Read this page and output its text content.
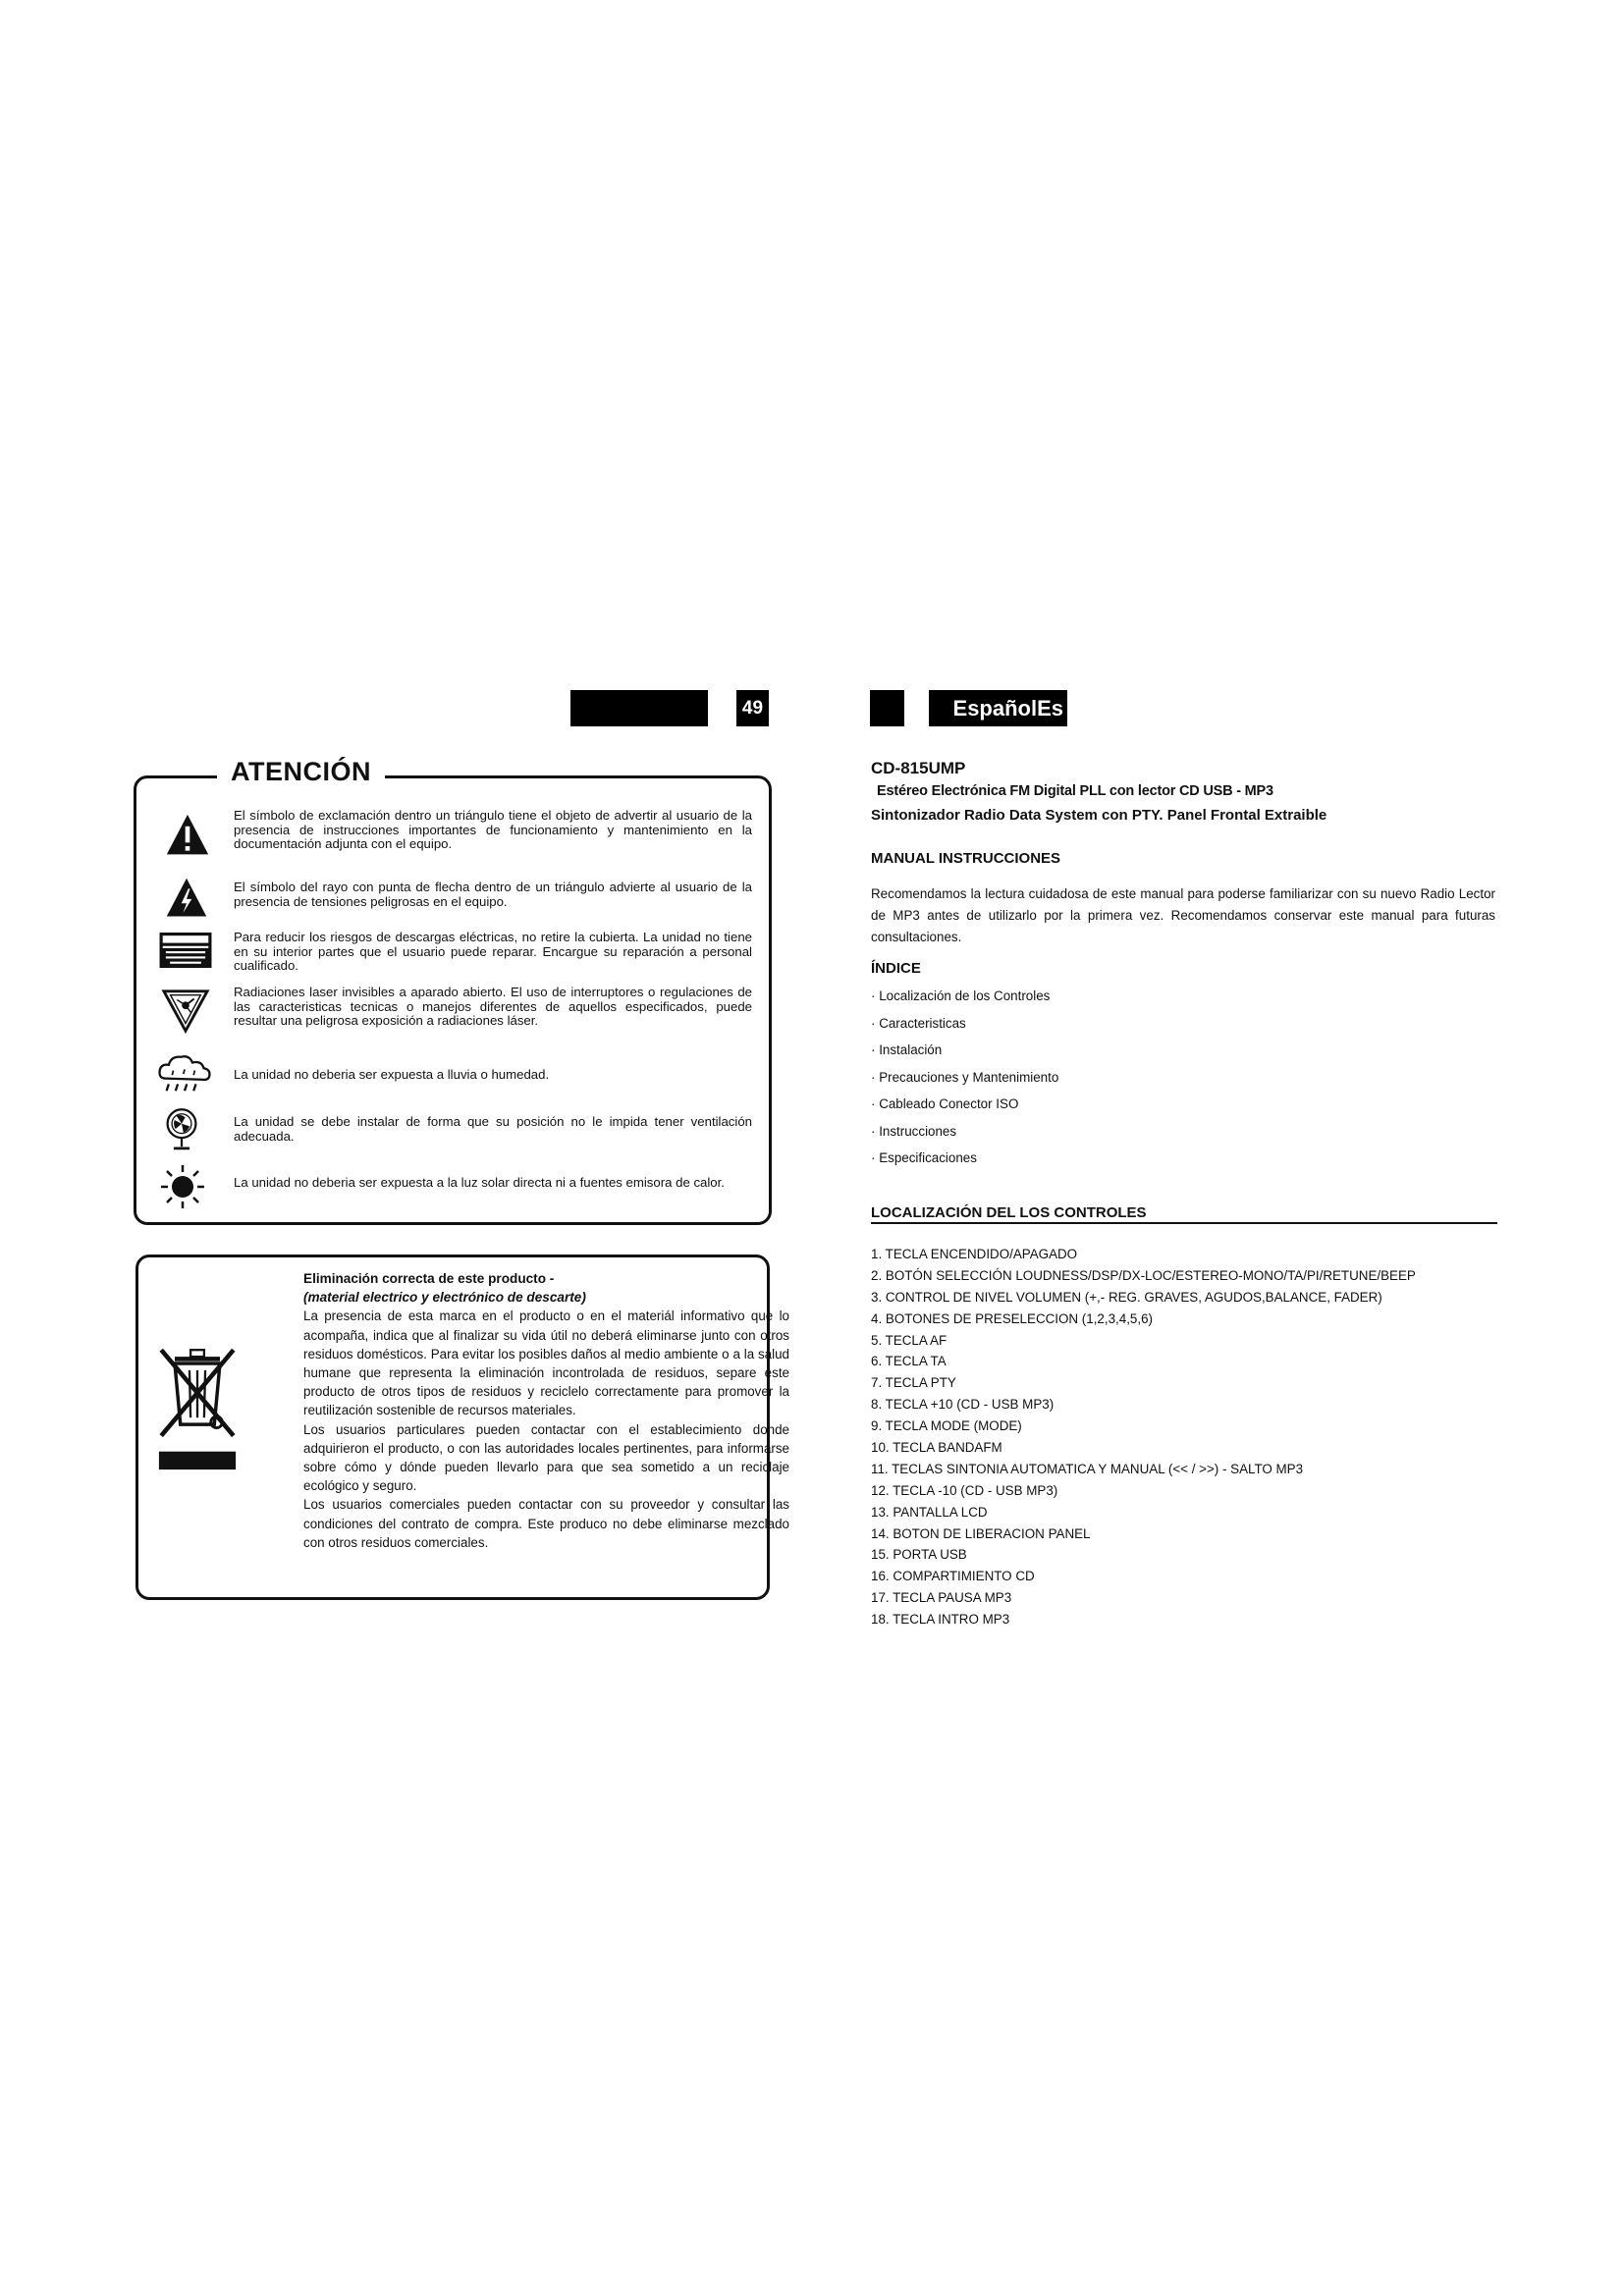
49	EspañolEs
ATENCIÓN
El símbolo de exclamación dentro un triángulo tiene el objeto de advertir al usuario de la presencia de instrucciones importantes de funcionamiento y mantenimiento en la documentación adjunta con el equipo.
El símbolo del rayo con punta de flecha dentro de un triángulo advierte al usuario de la presencia de tensiones peligrosas en el equipo.
Para reducir los riesgos de descargas eléctricas, no retire la cubierta. La unidad no tiene en su interior partes que el usuario puede reparar. Encargue su reparación a personal cualificado.
Radiaciones laser invisibles a aparado abierto. El uso de interruptores o regulaciones de las caracteristicas tecnicas o manejos diferentes de aquellos especificados, puede resultar una peligrosa exposición a radiaciones láser.
La unidad no deberia ser expuesta a lluvia o humedad.
La unidad se debe instalar de forma que su posición no le impida tener ventilación adecuada.
La unidad no deberia ser expuesta a la luz solar directa ni a fuentes emisora de calor.
Eliminación correcta de este producto -
(material electrico y electrónico de descarte)
La presencia de esta marca en el producto o en el materiál informativo que lo acompaña, indica que al finalizar su vida útil no deberá eliminarse junto con otros residuos domésticos. Para evitar los posibles daños al medio ambiente o a la salud humane que representa la eliminación incontrolada de residuos, separe este producto de otros tipos de residuos y reciclelo correctamente para promover la reutilización sostenible de recursos materiales.
Los usuarios particulares pueden contactar con el establecimiento donde adquirieron el producto, o con las autoridades locales pertinentes, para informarse sobre cómo y dónde pueden llevarlo para que sea sometido a un reciclaje ecológico y seguro.
Los usuarios comerciales pueden contactar con su proveedor y consultar las condiciones del contrato de compra. Este produco no debe eliminarse mezclado con otros residuos comerciales.
CD-815UMP
Estéreo Electrónica FM Digital PLL con lector CD USB - MP3
Sintonizador Radio Data System con PTY. Panel Frontal Extraible
MANUAL INSTRUCCIONES
Recomendamos la lectura cuidadosa de este manual para poderse familiarizar con su nuevo Radio Lector de MP3 antes de utilizarlo por la primera vez. Recomendamos conservar este manual para futuras consultaciones.
ÍNDICE
· Localización de los Controles
· Caracteristicas
· Instalación
· Precauciones y Mantenimiento
· Cableado Conector ISO
· Instrucciones
· Especificaciones
LOCALIZACIÓN DEL LOS CONTROLES
1. TECLA ENCENDIDO/APAGADO
2. BOTÓN SELECCIÓN LOUDNESS/DSP/DX-LOC/ESTEREO-MONO/TA/PI/RETUNE/BEEP
3. CONTROL DE NIVEL VOLUMEN (+,- REG. GRAVES, AGUDOS,BALANCE, FADER)
4. BOTONES DE PRESELECCION (1,2,3,4,5,6)
5. TECLA AF
6. TECLA TA
7. TECLA PTY
8. TECLA +10 (CD - USB MP3)
9. TECLA MODE (MODE)
10. TECLA BANDAFM
11. TECLAS SINTONIA AUTOMATICA Y MANUAL (<< / >>) - SALTO MP3
12. TECLA -10 (CD - USB MP3)
13. PANTALLA LCD
14. BOTON DE LIBERACION PANEL
15. PORTA USB
16. COMPARTIMIENTO CD
17. TECLA PAUSA MP3
18. TECLA INTRO MP3
